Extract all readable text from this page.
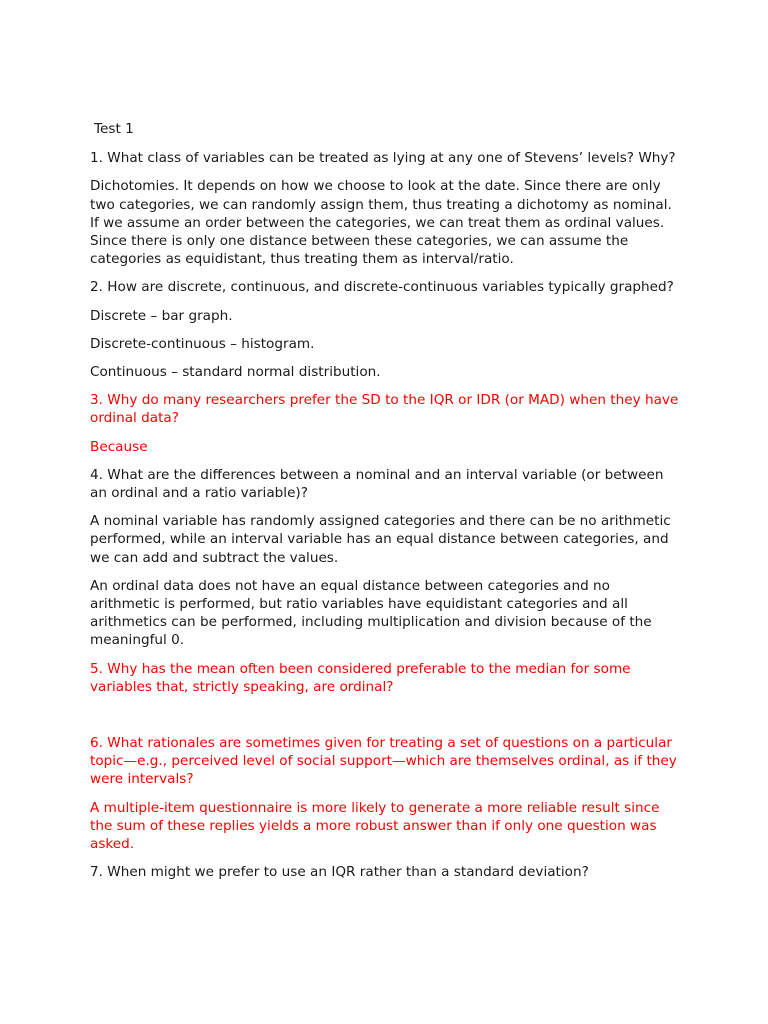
Test 1

1. What class of variables can be treated as lying at any one of Stevens’ levels? Why?

Dichotomies. It depends on how we choose to look at the date. Since there are only two categories, we can randomly assign them, thus treating a dichotomy as nominal. If we assume an order between the categories, we can treat them as ordinal values. Since there is only one distance between these categories, we can assume the categories as equidistant, thus treating them as interval/ratio.

2. How are discrete, continuous, and discrete-continuous variables typically graphed?

Discrete – bar graph.

Discrete-continuous – histogram.

Continuous – standard normal distribution.

3. Why do many researchers prefer the SD to the IQR or IDR (or MAD) when they have ordinal data?

Because

4. What are the differences between a nominal and an interval variable (or between an ordinal and a ratio variable)?

A nominal variable has randomly assigned categories and there can be no arithmetic performed, while an interval variable has an equal distance between categories, and we can add and subtract the values.

An ordinal data does not have an equal distance between categories and no arithmetic is performed, but ratio variables have equidistant categories and all arithmetics can be performed, including multiplication and division because of the meaningful 0.

5. Why has the mean often been considered preferable to the median for some variables that, strictly speaking, are ordinal?

6. What rationales are sometimes given for treating a set of questions on a particular topic—e.g., perceived level of social support—which are themselves ordinal, as if they were intervals?

A multiple-item questionnaire is more likely to generate a more reliable result since the sum of these replies yields a more robust answer than if only one question was asked.

7. When might we prefer to use an IQR rather than a standard deviation?
